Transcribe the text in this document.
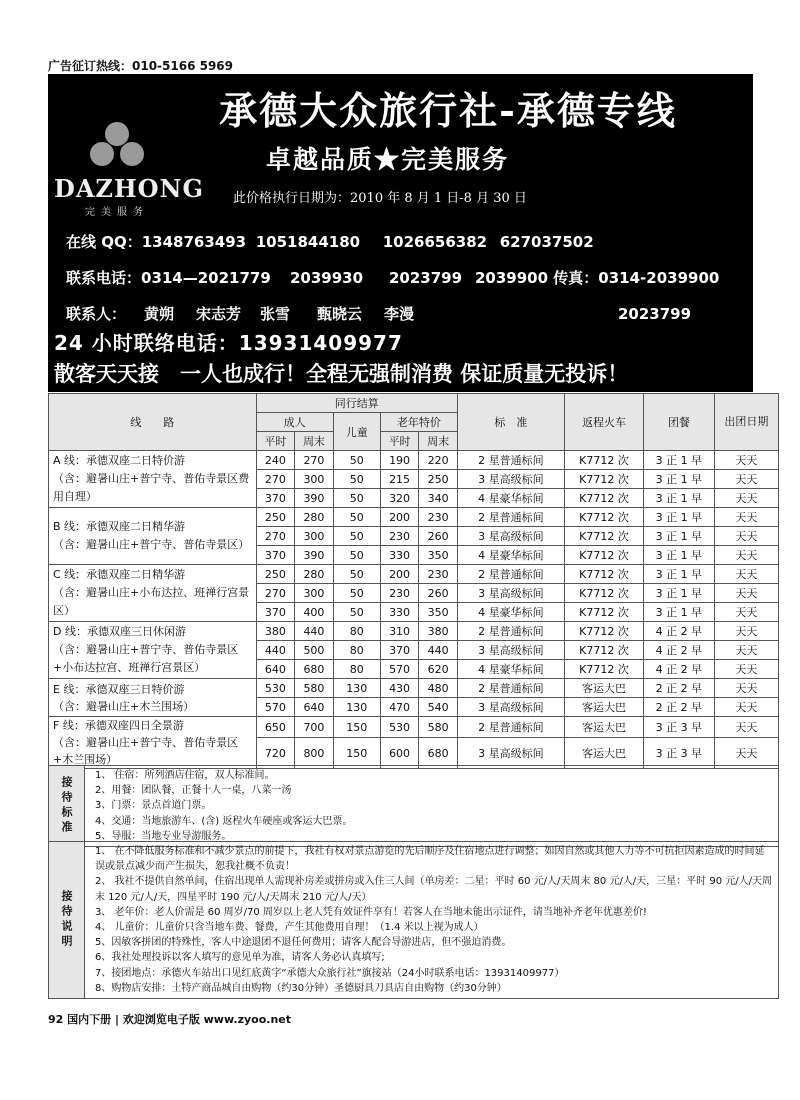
广告征订热线：010-5166 5969
DAZHONG
完美服务
承德大众旅行社-承德专线
卓越品质★完美服务
此价格执行日期为：2010 年 8 月 1 日-8 月 30 日
在线 QQ：1348763493 1051844180 1026656382 627037502
联系电话：0314—2021779 2039930 2023799 2039900 传真：0314-2039900
联系人： 黄朔 宋志芳 张雪 甄晓云 李漫	2023799
24 小时联络电话：13931409977
散客天天接　一人也成行！全程无强制消费 保证质量无投诉！
线　　路	同行结算					标　准	返程火车	团餐	出团日期
	成人		儿童	老年特价					
	平时	周末		平时	周末				
A 线：承德双座二日特价游
（含：避暑山庄+普宁寺、普佑寺景区费用自理）	240	270	50	190	220	2 星普通标间	K7712 次	3 正 1 早	天天
	270	300	50	215	250	3 星高级标间	K7712 次	3 正 1 早	天天
	370	390	50	320	340	4 星豪华标间	K7712 次	3 正 1 早	天天
B 线：承德双座二日精华游
（含：避暑山庄+普宁寺、普佑寺景区）	250	280	50	200	230	2 星普通标间	K7712 次	3 正 1 早	天天
	270	300	50	230	260	3 星高级标间	K7712 次	3 正 1 早	天天
	370	390	50	330	350	4 星豪华标间	K7712 次	3 正 1 早	天天
C 线：承德双座二日精华游
（含：避暑山庄+小布达拉、班禅行宫景区）	250	280	50	200	230	2 星普通标间	K7712 次	3 正 1 早	天天
	270	300	50	230	260	3 星高级标间	K7712 次	3 正 1 早	天天
	370	400	50	330	350	4 星豪华标间	K7712 次	3 正 1 早	天天
D 线：承德双座三日休闲游
（含：避暑山庄+普宁寺、普佑寺景区+小布达拉宫、班禅行宫景区）	380	440	80	310	380	2 星普通标间	K7712 次	4 正 2 早	天天
	440	500	80	370	440	3 星高级标间	K7712 次	4 正 2 早	天天
	640	680	80	570	620	4 星豪华标间	K7712 次	4 正 2 早	天天
E 线：承德双座三日特价游
（含：避暑山庄+木兰围场）	530	580	130	430	480	2 星普通标间	客运大巴	2 正 2 早	天天
	570	640	130	470	540	3 星高级标间	客运大巴	2 正 2 早	天天
F 线：承德双座四日全景游
（含：避暑山庄+普宁寺、普佑寺景区+木兰围场）	650	700	150	530	580	2 星普通标间	客运大巴	3 正 3 早	天天
	720	800	150	600	680	3 星高级标间	客运大巴	3 正 3 早	天天
接待标准
1、 住宿：所列酒店住宿，双人标准间。
2、用餐：团队餐，正餐十人一桌，八菜一汤
3、门票：景点首道门票。
4、交通：当地旅游车、(含) 返程火车硬座或客运大巴票。
5、导服：当地专业导游服务。
接待说明
1、 在不降低服务标准和不减少景点的前提下，我社有权对景点游览的先后顺序及住宿地点进行调整；如因自然或其他人力等不可抗拒因素造成的时间延误或景点减少而产生损失，恕我社概不负责！
2、 我社不提供自然单间，住宿出现单人需现补房差或拼房或入住三人间（单房差：二星：平时 60 元/人/天周末 80 元/人/天，三星：平时 90 元/人/天周末 120 元/人/天，四星平时 190 元/人/天周末 210 元/人/天）
3、 老年价：老人价需是 60 周岁/70 周岁以上老人凭有效证件享有！若客人在当地未能出示证件，请当地补齐老年优惠差价!
4、 儿童价：儿童价只含当地车费、餐费，产生其他费用自理！（1.4 米以上视为成人）
5、因敏客拼团的特殊性，客人中途退团不退任何费用；请客人配合导游进店，但不强迫消费。
6、我社处理投诉以客人填写的意见单为准，请客人务必认真填写;
7、接团地点：承德火车站出口见红底黄字“承德大众旅行社”旗接站（24小时联系电话：13931409977）
8、购物店安排：土特产商品城自由购物（约30分钟）圣德厨具刀具店自由购物（约30分钟）
92 国内下册 | 欢迎浏览电子版 www.zyoo.net
